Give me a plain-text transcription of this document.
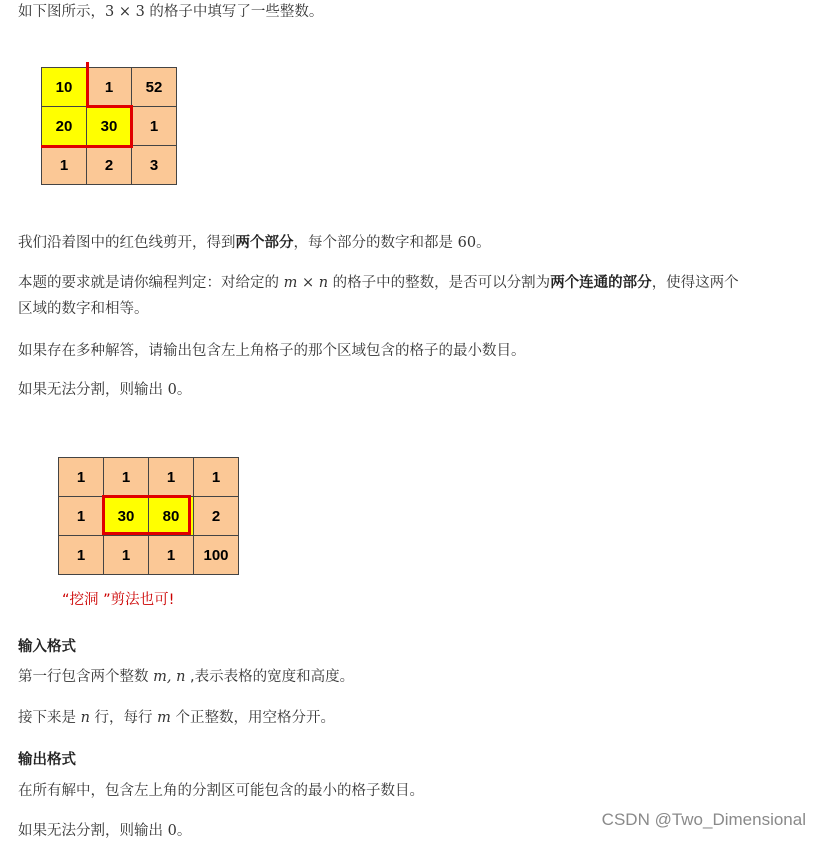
如下图所示，3 × 3 的格子中填写了一些整数。

10	1	52
20	30	1
1	2	3

我们沿着图中的红色线剪开，得到两个部分，每个部分的数字和都是 60。

本题的要求就是请你编程判定：对给定的 m × n 的格子中的整数，是否可以分割为两个连通的部分，使得这两个

区域的数字和相等。

如果存在多种解答，请输出包含左上角格子的那个区域包含的格子的最小数目。

如果无法分割，则输出 0。

1	1	1	1
1	30	80	2
1	1	1	100
“挖洞 ”剪法也可!

输入格式

第一行包含两个整数 m, n ,表示表格的宽度和高度。

接下来是 n 行，每行 m 个正整数，用空格分开。

输出格式

在所有解中，包含左上角的分割区可能包含的最小的格子数目。

如果无法分割，则输出 0。

CSDN @Two_Dimensional
